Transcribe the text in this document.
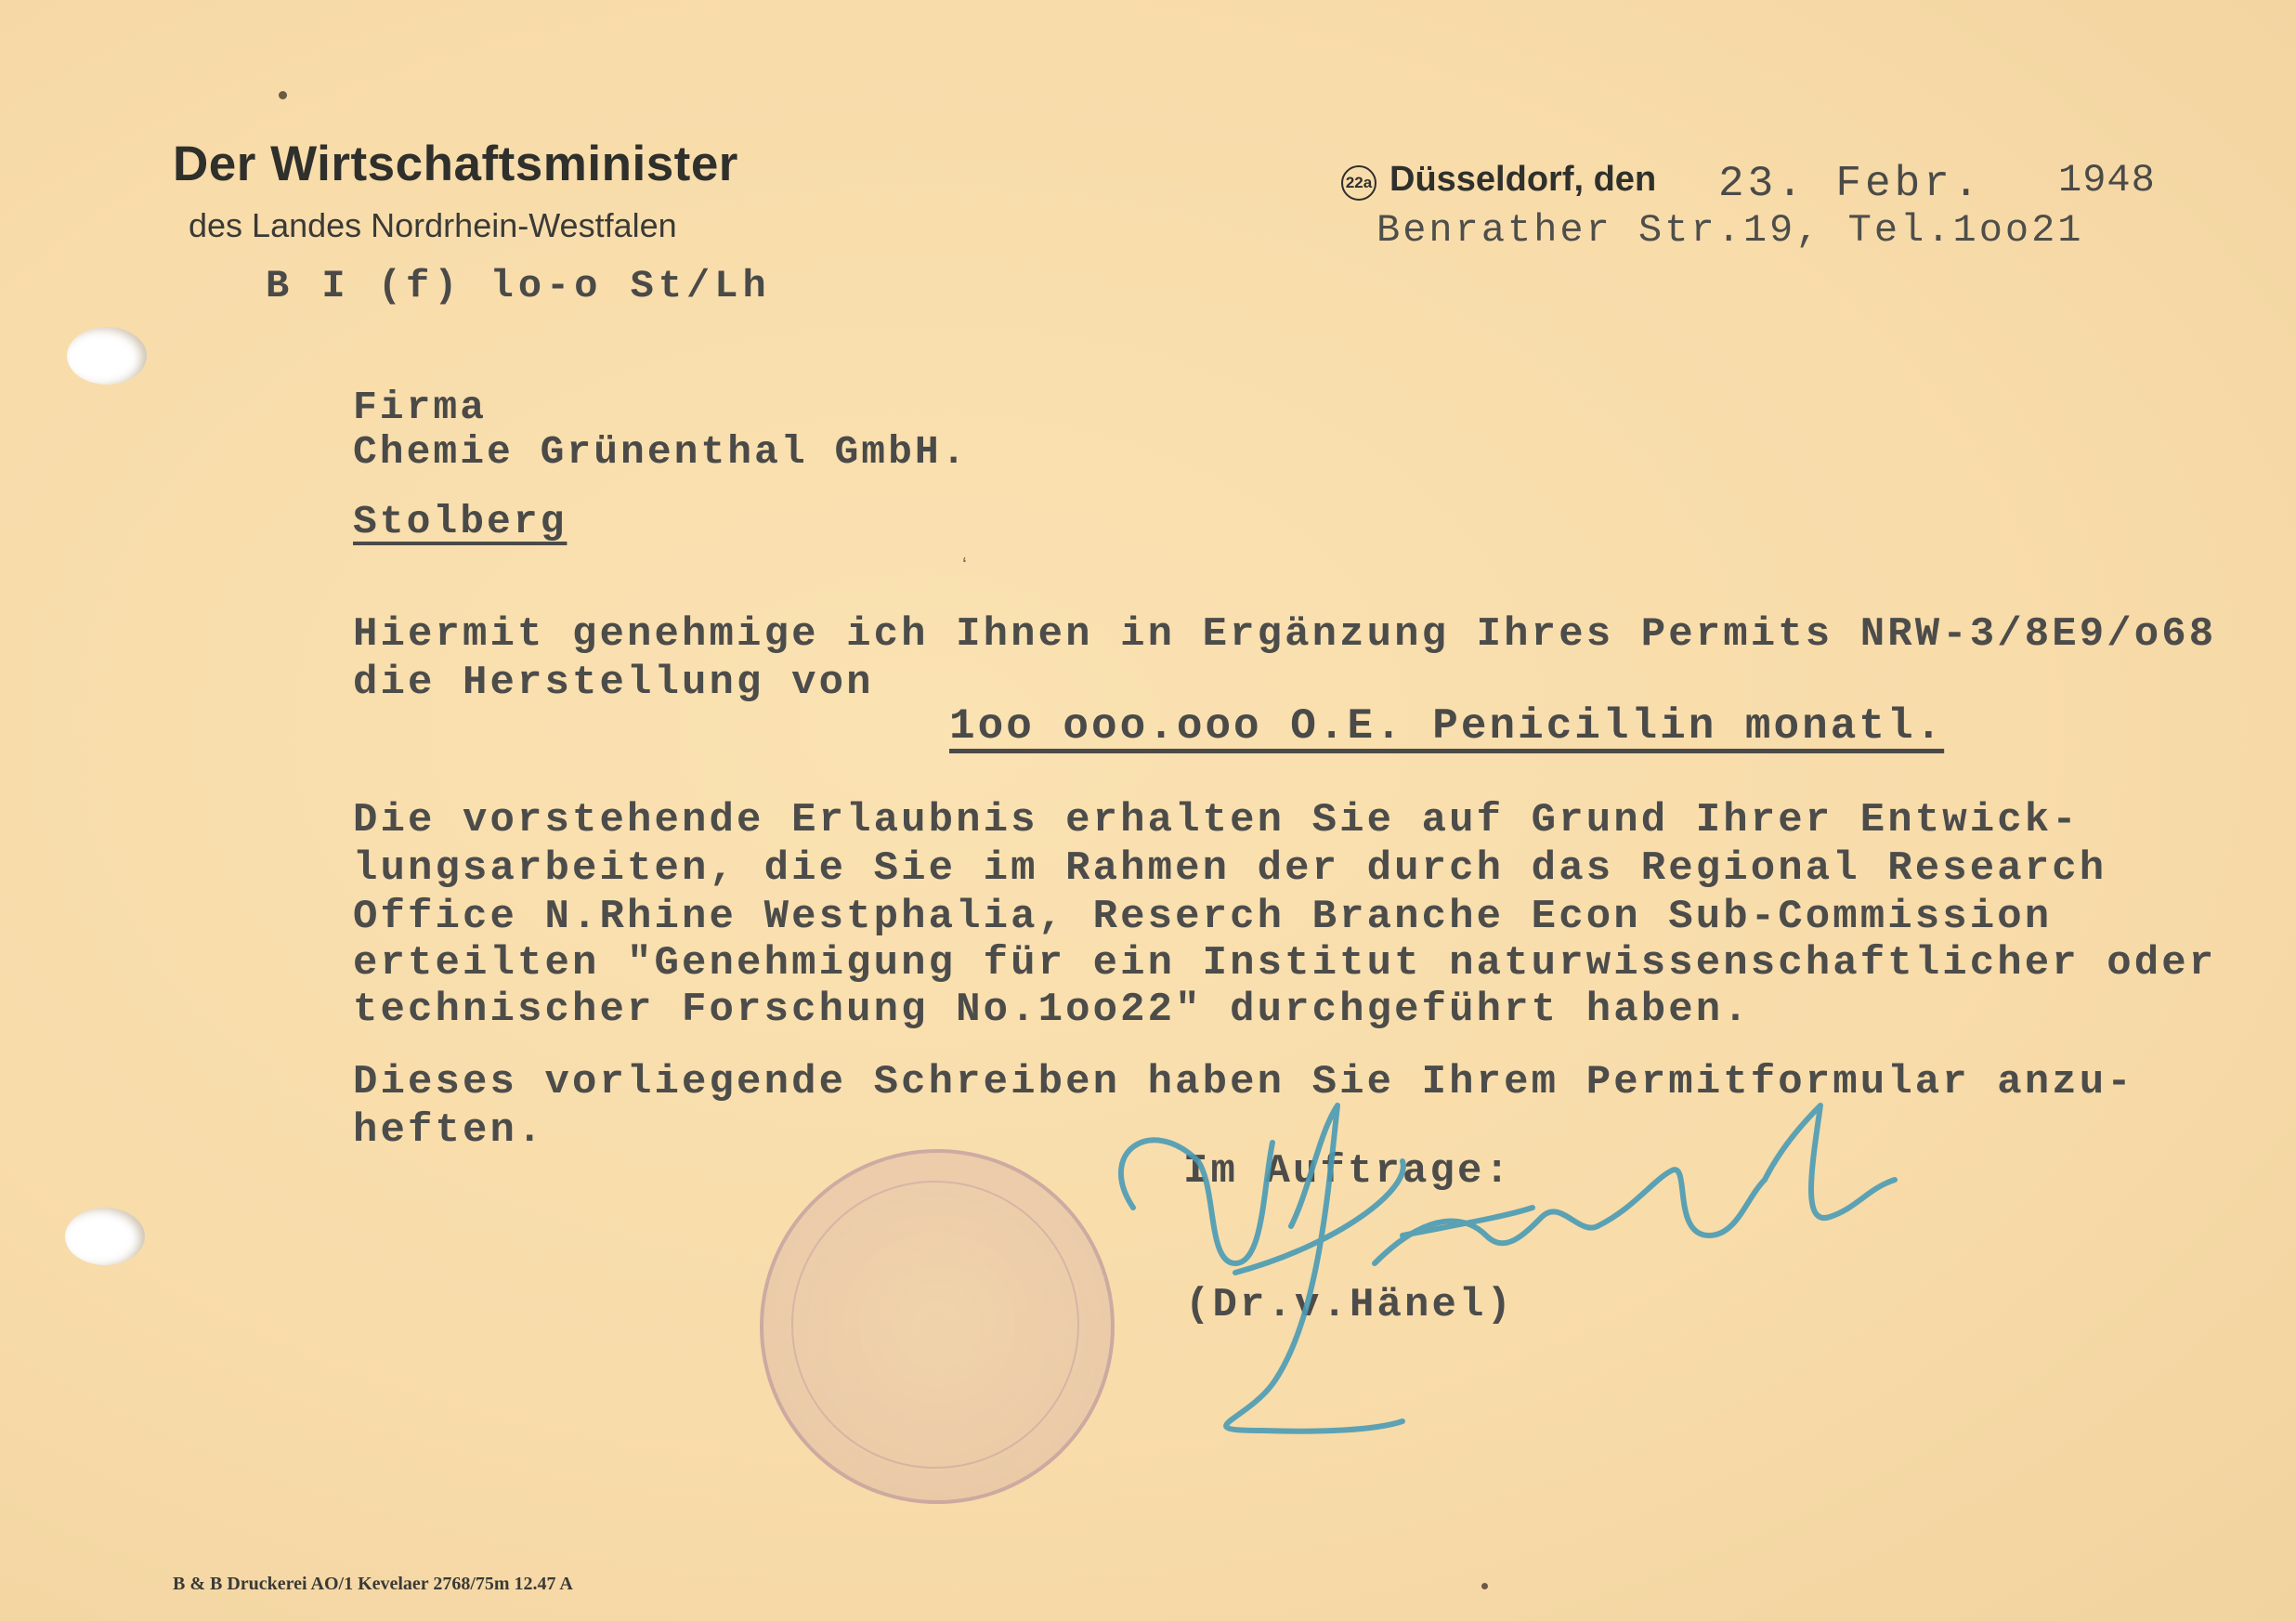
Der Wirtschaftsminister
des Landes Nordrhein-Westfalen
B I (f) lo-o St/Lh
22a Düsseldorf, den 23. Febr. 1948
Benrather Str.19, Tel.1oo21
Firma
Chemie Grünenthal GmbH.
Stolberg
ʻ
Hiermit genehmige ich Ihnen in Ergänzung Ihres Permits NRW-3/8E9/o68
die Herstellung von
1oo ooo.ooo O.E. Penicillin monatl.
Die vorstehende Erlaubnis erhalten Sie auf Grund Ihrer Entwick-
lungsarbeiten, die Sie im Rahmen der durch das Regional Research
Office N.Rhine Westphalia, Reserch Branche Econ Sub-Commission
erteilten "Genehmigung für ein Institut naturwissenschaftlicher oder
technischer Forschung No.1oo22" durchgeführt haben.
Dieses vorliegende Schreiben haben Sie Ihrem Permitformular anzu-
heften.
Im Auftrage:
(Dr.v.Hänel)
B & B Druckerei AO/1 Kevelaer 2768/75m 12.47 A
